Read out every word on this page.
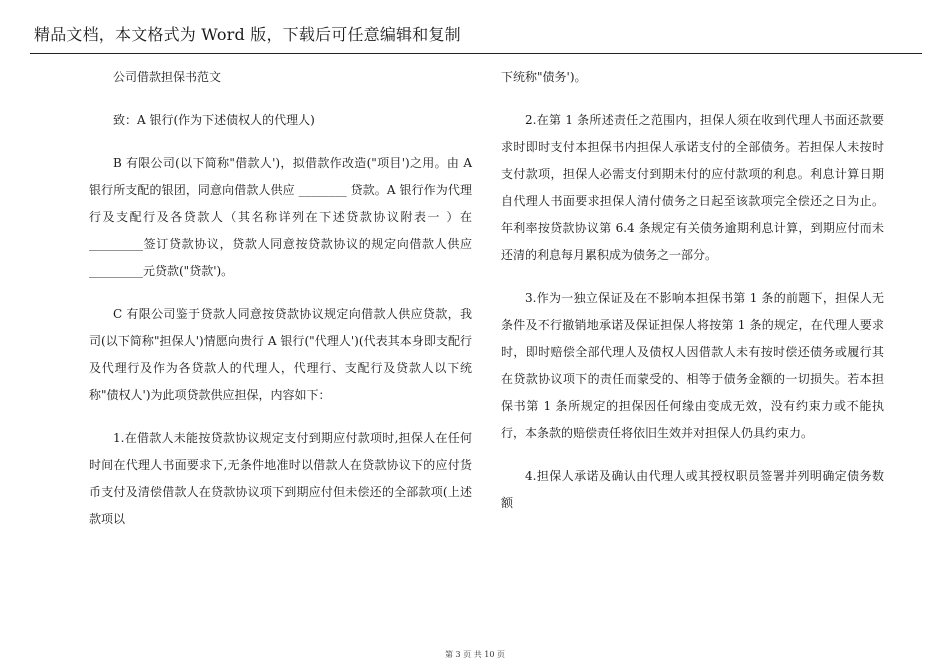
精品文档，本文格式为 Word 版，下载后可任意编辑和复制

公司借款担保书范文

致：A 银行(作为下述债权人的代理人)

B 有限公司(以下简称"借款人')，拟借款作改造("项目')之用。由 A 银行所支配的银团，同意向借款人供应 ________ 贷款。A 银行作为代理行及支配行及各贷款人（其名称详列在下述贷款协议附表一 ）在_________签订贷款协议，贷款人同意按贷款协议的规定向借款人供应_________元贷款("贷款')。

C 有限公司鉴于贷款人同意按贷款协议规定向借款人供应贷款，我司(以下简称"担保人')情愿向贵行 A 银行("代理人')(代表其本身即支配行及代理行及作为各贷款人的代理人，代理行、支配行及贷款人以下统称"债权人')为此项贷款供应担保，内容如下：

1.在借款人未能按贷款协议规定支付到期应付款项时,担保人在任何时间在代理人书面要求下,无条件地准时以借款人在贷款协议下的应付货币支付及清偿借款人在贷款协议项下到期应付但未偿还的全部款项(上述款项以

下统称"债务')。

2.在第 1 条所述责任之范围内，担保人须在收到代理人书面还款要求时即时支付本担保书内担保人承诺支付的全部债务。若担保人未按时支付款项，担保人必需支付到期未付的应付款项的利息。利息计算日期自代理人书面要求担保人清付债务之日起至该款项完全偿还之日为止。年利率按贷款协议第 6.4 条规定有关债务逾期利息计算，到期应付而未还清的利息每月累积成为债务之一部分。

3.作为一独立保证及在不影响本担保书第 1 条的前题下，担保人无条件及不行撤销地承诺及保证担保人将按第 1 条的规定，在代理人要求时，即时赔偿全部代理人及债权人因借款人未有按时偿还债务或履行其在贷款协议项下的责任而蒙受的、相等于债务金额的一切损失。若本担保书第 1 条所规定的担保因任何缘由变成无效，没有约束力或不能执行，本条款的赔偿责任将依旧生效并对担保人仍具约束力。

4.担保人承诺及确认由代理人或其授权职员签署并列明确定债务数额

第 3 页 共 10 页
